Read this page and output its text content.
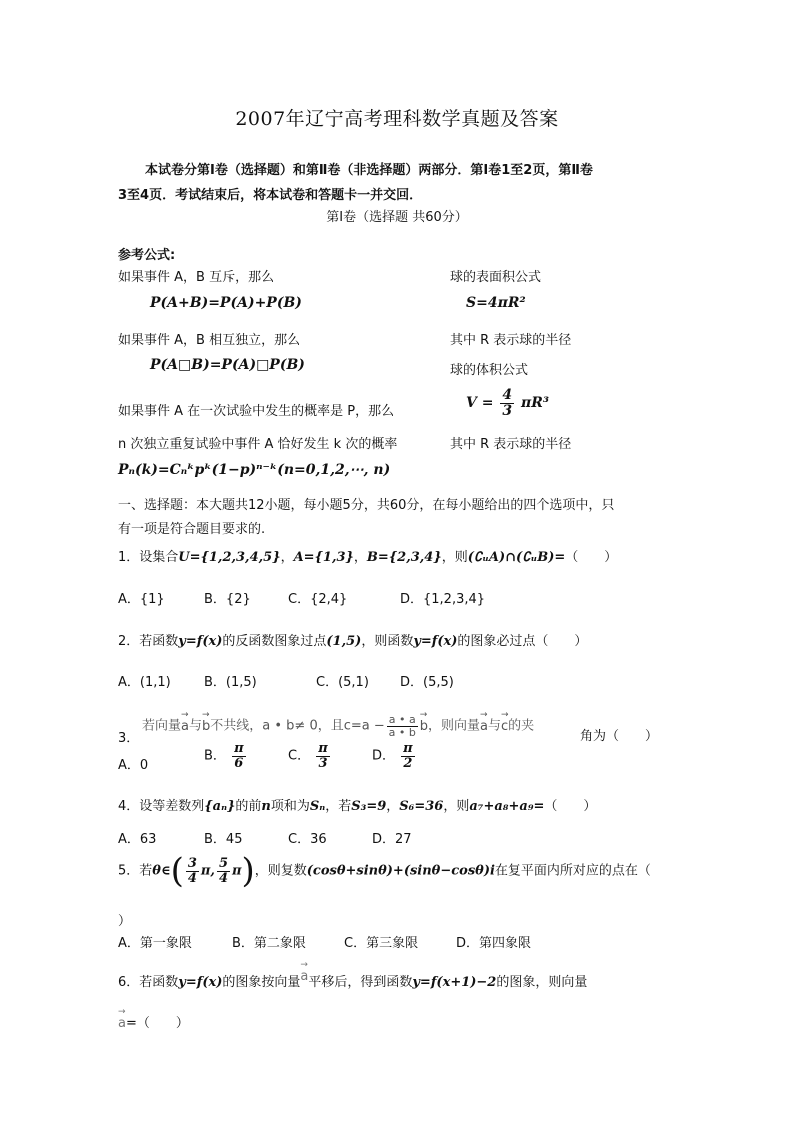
2007年辽宁高考理科数学真题及答案
本试卷分第Ⅰ卷（选择题）和第Ⅱ卷（非选择题）两部分．第Ⅰ卷1至2页，第Ⅱ卷
3至4页．考试结束后，将本试卷和答题卡一并交回．
第Ⅰ卷（选择题 共60分）
参考公式:
如果事件 A，B 互斥，那么	球的表面积公式
P(A+B)=P(A)+P(B)	S=4πR²
如果事件 A，B 相互独立，那么	其中 R 表示球的半径
P(A□B)=P(A)□P(B)	球的体积公式
如果事件 A 在一次试验中发生的概率是 P，那么
$V = \frac{4}{3} \pi R^3$
n 次独立重复试验中事件 A 恰好发生 k 次的概率	其中 R 表示球的半径
Pₙ(k)=Cₙᵏpᵏ(1−p)ⁿ⁻ᵏ(n=0,1,2,⋯, n)
一、选择题：本大题共12小题，每小题5分，共60分，在每小题给出的四个选项中，只
有一项是符合题目要求的.
1．设集合U={1,2,3,4,5}，A={1,3}，B={2,3,4}，则(∁ᵤA)∩(∁ᵤB)=（　　）
A．{1}	B．{2}	C．{2,4}	D．{1,2,3,4}
2．若函数y=f(x)的反函数图象过点(1,5)，则函数y=f(x)的图象必过点（　　）
A．(1,1)	B．(1,5)	C．(5,1) D．(5,5)
3．
若向量→ a与→ b不共线，a • b≠ 0，且$c=a - \frac{a • a}{a • b}$
→ b，则向量→ a与→ c的夹
角为（　　）
A．0
B． $\frac{\pi}{6}$	C． $\frac{\pi}{3}$	D． $\frac{\pi}{2}$
4．设等差数列{aₙ}的前n项和为Sₙ，若S₃=9，S₆=36，则a₇+a₈+a₉=（　　）
A．63	B．45	C．36	D．27
5．若θ∈( $\frac{3}{4} \pi$, $\frac{5}{4} \pi$)，则复数(cosθ+sinθ)+(sinθ−cosθ)i在复平面内所对应的点在（
）
A．第一象限	B．第二象限	C．第三象限	D．第四象限
6．若函数y=f(x)的图象按向量→ a平移后，得到函数y=f(x+1)−2的图象，则向量
→ a=（　　）
